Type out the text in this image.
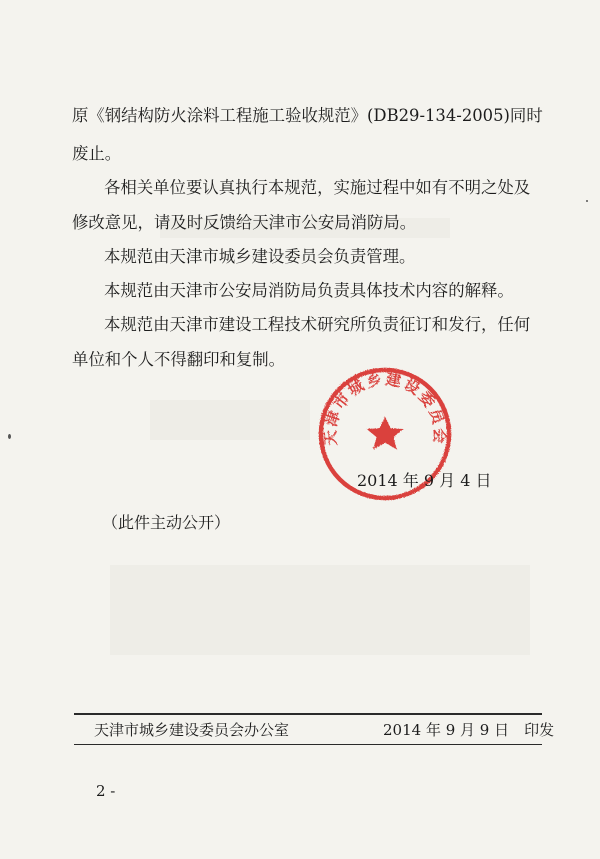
原《钢结构防火涂料工程施工验收规范》(DB29-134-2005)同时
废止。
各相关单位要认真执行本规范，实施过程中如有不明之处及
修改意见，请及时反馈给天津市公安局消防局。
本规范由天津市城乡建设委员会负责管理。
本规范由天津市公安局消防局负责具体技术内容的解释。
本规范由天津市建设工程技术研究所负责征订和发行，任何
单位和个人不得翻印和复制。
天津市城乡建设委员会
2014 年 9 月 4 日
（此件主动公开）
天津市城乡建设委员会办公室	2014 年 9 月 9 日　印发
2 -
